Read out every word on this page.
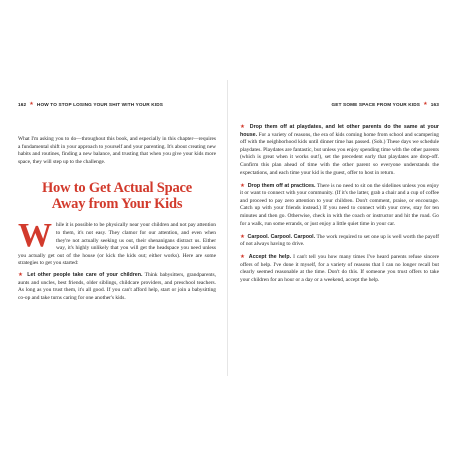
162 ★ HOW TO STOP LOSING YOUR SHIT WITH YOUR KIDS

What I'm asking you to do—throughout this book, and especially in this chapter—requires a fundamental shift in your approach to yourself and your parenting. It's about creating new habits and routines, finding a new balance, and trusting that when you give your kids more space, they will step up to the challenge.

How to Get Actual Space Away from Your Kids

While it is possible to be physically near your children and not pay attention to them, it's not easy. They clamor for our attention, and even when they're not actually seeking us out, their shenanigans distract us. Either way, it's highly unlikely that you will get the headspace you need unless you actually get out of the house (or kick the kids out; either works). Here are some strategies to get you started:

★ Let other people take care of your children. Think babysitters, grandparents, aunts and uncles, best friends, older siblings, childcare providers, and preschool teachers. As long as you trust them, it's all good. If you can't afford help, start or join a babysitting co-op and take turns caring for one another's kids.

GET SOME SPACE FROM YOUR KIDS ★ 163

★ Drop them off at playdates, and let other parents do the same at your house. For a variety of reasons, the era of kids coming home from school and scampering off with the neighborhood kids until dinner time has passed. (Sob.) These days we schedule playdates. Playdates are fantastic, but unless you enjoy spending time with the other parents (which is great when it works out!), set the precedent early that playdates are drop-off. Confirm this plan ahead of time with the other parent so everyone understands the expectations, and each time your kid is the guest, offer to host in return.

★ Drop them off at practices. There is no need to sit on the sidelines unless you enjoy it or want to connect with your community. (If it's the latter, grab a chair and a cup of coffee and proceed to pay zero attention to your children. Don't comment, praise, or encourage. Catch up with your friends instead.) If you need to connect with your crew, stay for ten minutes and then go. Otherwise, check in with the coach or instructor and hit the road. Go for a walk, run some errands, or just enjoy a little quiet time in your car.

★ Carpool. Carpool. Carpool. The work required to set one up is well worth the payoff of not always having to drive.

★ Accept the help. I can't tell you how many times I've heard parents refuse sincere offers of help. I've done it myself, for a variety of reasons that I can no longer recall but clearly seemed reasonable at the time. Don't do this. If someone you trust offers to take your children for an hour or a day or a weekend, accept the help.
